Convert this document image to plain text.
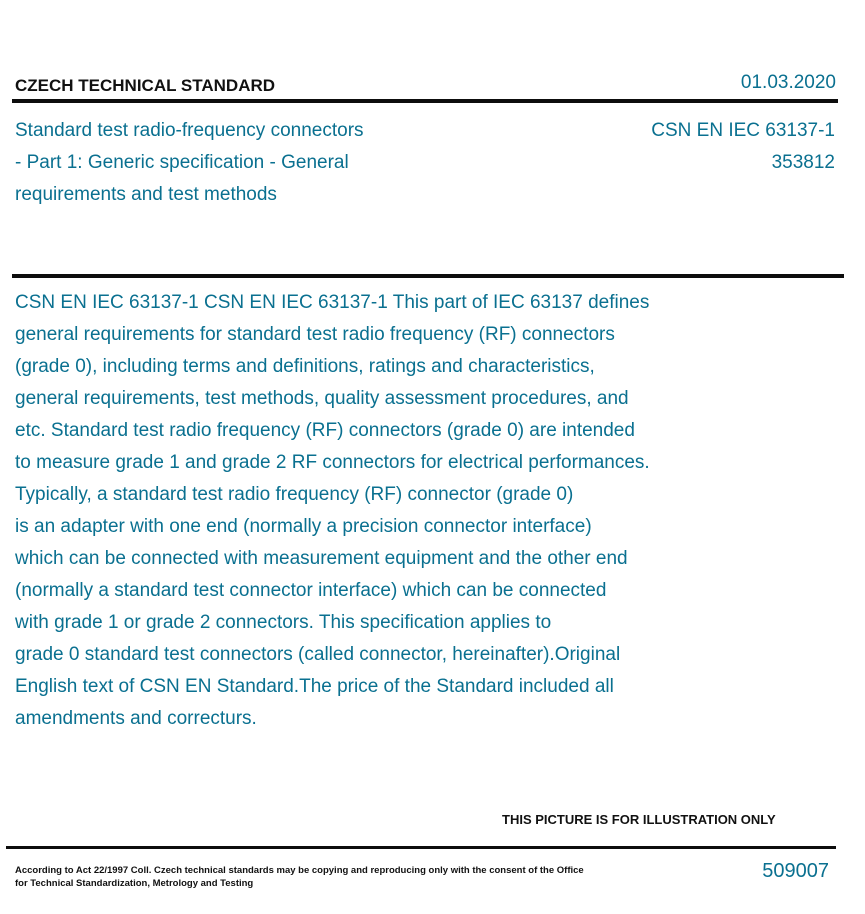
CZECH TECHNICAL STANDARD	01.03.2020
Standard test radio-frequency connectors
- Part 1: Generic specification - General
requirements and test methods
CSN EN IEC 63137-1
353812
CSN EN IEC 63137-1 CSN EN IEC 63137-1 This part of IEC 63137 defines
general requirements for standard test radio frequency (RF) connectors
(grade 0), including terms and definitions, ratings and characteristics,
general requirements, test methods, quality assessment procedures, and
etc. Standard test radio frequency (RF) connectors (grade 0) are intended
to measure grade 1 and grade 2 RF connectors for electrical performances.
Typically, a standard test radio frequency (RF) connector (grade 0)
is an adapter with one end (normally a precision connector interface)
which can be connected with measurement equipment and the other end
(normally a standard test connector interface) which can be connected
with grade 1 or grade 2 connectors. This specification applies to
grade 0 standard test connectors (called connector, hereinafter).Original
English text of CSN EN Standard.The price of the Standard included all
amendments and correcturs.
THIS PICTURE IS FOR ILLUSTRATION ONLY
According to Act 22/1997 Coll. Czech technical standards may be copying and reproducing only with the consent of the Office
for Technical Standardization, Metrology and Testing
509007
